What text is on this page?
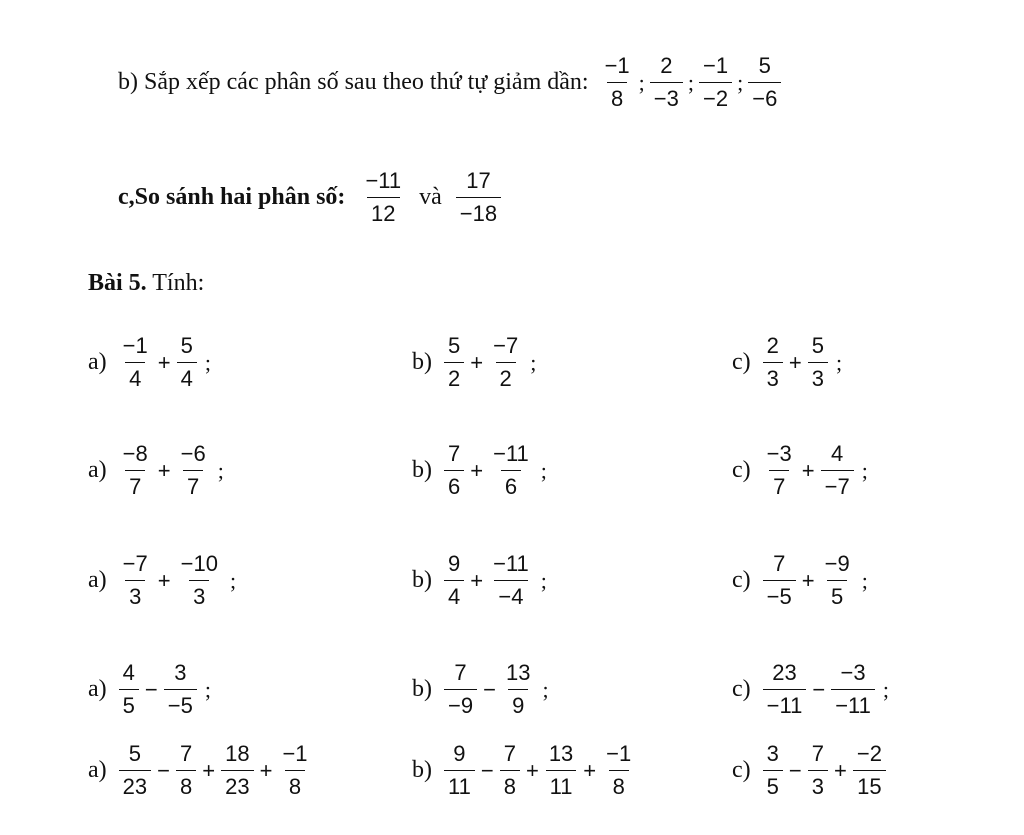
b) Sắp xếp các phân số sau theo thứ tự giảm dần: $\frac{-1}{8}$ ; $\frac{2}{-3}$ ; $\frac{-1}{-2}$ ; $\frac{5}{-6}$
c,So sánh hai phân số: $\frac{-11}{12}$ và $\frac{17}{-18}$
Bài 5. Tính:
$a) \frac{-1}{4} + \frac{5}{4}$ ;	$b) \frac{5}{2} + \frac{-7}{2}$ ;	$c) \frac{2}{3} + \frac{5}{3}$ ;
$a) \frac{-8}{7} + \frac{-6}{7}$ ;	$b) \frac{7}{6} + \frac{-11}{6}$ ;	$c) \frac{-3}{7} + \frac{4}{-7}$ ;
$a) \frac{-7}{3} + \frac{-10}{3}$ ;	$b) \frac{9}{4} + \frac{-11}{-4}$ ;	$c) \frac{7}{-5} + \frac{-9}{5}$ ;
$a) \frac{4}{5} - \frac{3}{-5}$ ;	$b) \frac{7}{-9} - \frac{13}{9}$ ;	$c) \frac{23}{-11} - \frac{-3}{-11}$ ;
$a) \frac{5}{23} - \frac{7}{8} + \frac{18}{23} + \frac{-1}{8}$	$b) \frac{9}{11} - \frac{7}{8} + \frac{13}{11} + \frac{-1}{8}$	$c) \frac{3}{5} - \frac{7}{3} + \frac{-2}{15}$
